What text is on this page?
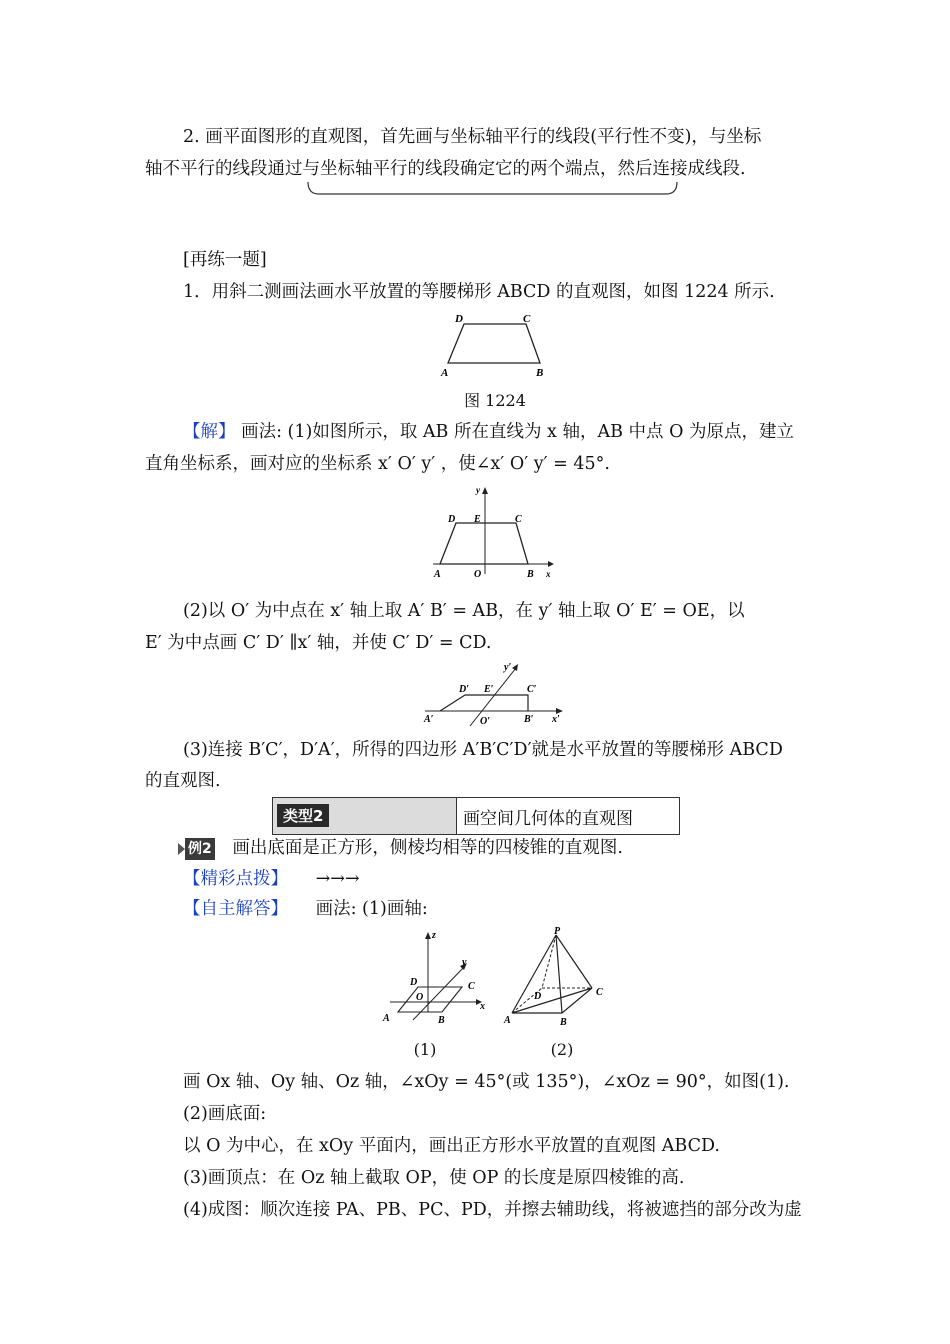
2. 画平面图形的直观图，首先画与坐标轴平行的线段(平行性不变)，与坐标
轴不平行的线段通过与坐标轴平行的线段确定它的两个端点，然后连接成线段.
[再练一题]
1．用斜二测画法画水平放置的等腰梯形 ABCD 的直观图，如图 1224 所示.
D	C
A	B
图 1224
【解】 画法: (1)如图所示，取 AB 所在直线为 x 轴，AB 中点 O 为原点，建立
直角坐标系，画对应的坐标系 x′ O′ y′ ，使∠x′ O′ y′ = 45°.
y
D E	C
A	O	B x
(2)以 O′ 为中点在 x′ 轴上取 A′ B′ = AB，在 y′ 轴上取 O′ E′ = OE，以
E′ 为中点画 C′ D′ ∥x′ 轴，并使 C′ D′ = CD.
y′
D′ E′	C′
A′	O′	B′ x′
(3)连接 B′C′，D′A′，所得的四边形 A′B′C′D′就是水平放置的等腰梯形 ABCD
的直观图.
类型2	画空间几何体的直观图
例2 画出底面是正方形，侧棱均相等的四棱锥的直观图.
【精彩点拨】 →→→
【自主解答】 画法: (1)画轴:
z
y
D	C
O
A	B
x
P
D	C
A	B
(1)	(2)
画 Ox 轴、Oy 轴、Oz 轴，∠xOy = 45°(或 135°)，∠xOz = 90°，如图(1).
(2)画底面:
以 O 为中心，在 xOy 平面内，画出正方形水平放置的直观图 ABCD.
(3)画顶点：在 Oz 轴上截取 OP，使 OP 的长度是原四棱锥的高.
(4)成图：顺次连接 PA、PB、PC、PD，并擦去辅助线，将被遮挡的部分改为虚
